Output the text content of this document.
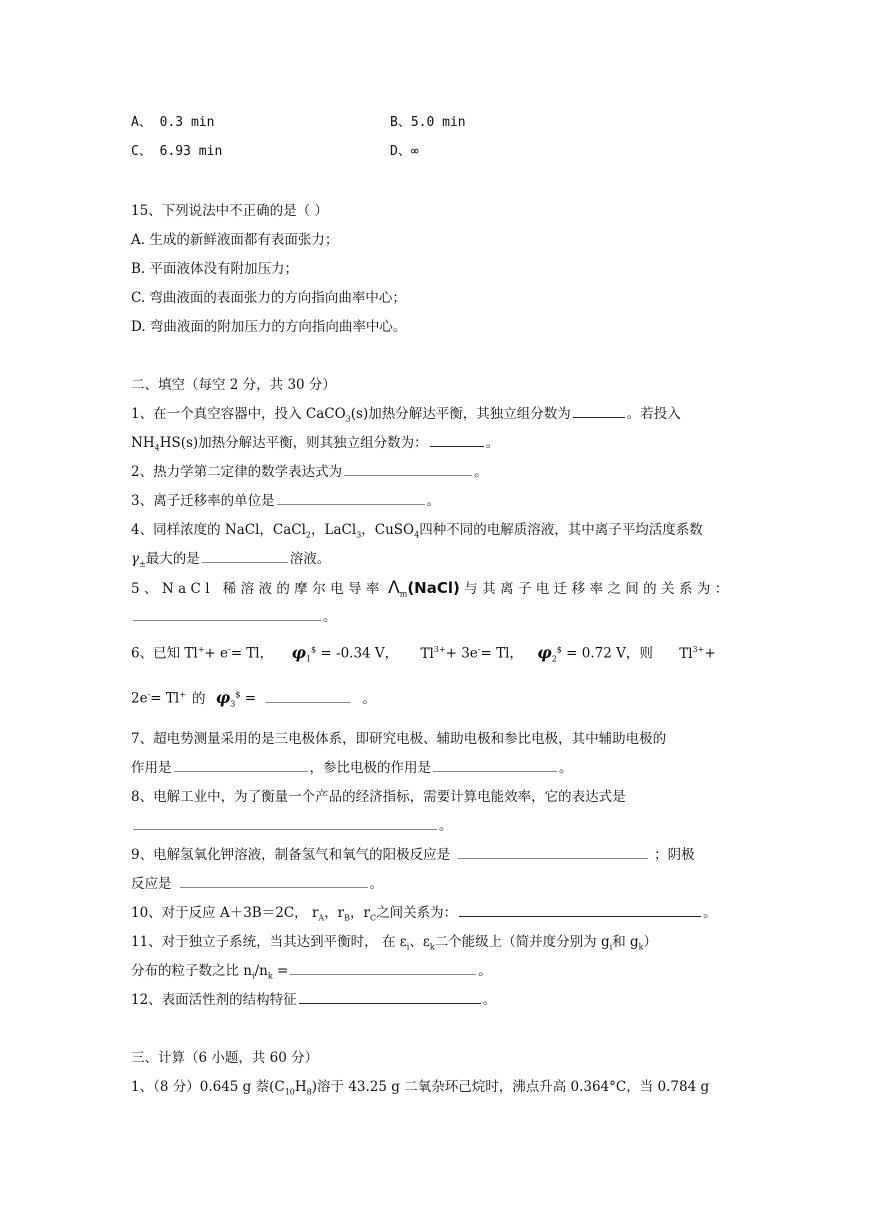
A、 0.3 min	B、5.0 min
C、 6.93 min	D、∞
15、下列说法中不正确的是（ ）
A. 生成的新鲜液面都有表面张力；
B. 平面液体没有附加压力；
C. 弯曲液面的表面张力的方向指向曲率中心；
D. 弯曲液面的附加压力的方向指向曲率中心。
二、填空（每空 2 分，共 30 分）
1、在一个真空容器中，投入 CaCO$_3$(s)加热分解达平衡，其独立组分数为	。若投入
$NH_4HS(s)$加热分解达平衡，则其独立组分数为：	。
2、热力学第二定律的数学表达式为	。
3、离子迁移率的单位是	。
4、同样浓度的 NaCl，CaCl$_2$，LaCl$_3$，CuSO$_4$四种不同的电解质溶液，其中离子平均活度系数
$\gamma_\pm$最大的是	溶液。
5、NaCl 稀溶液的摩尔电导率 $\Lambda_m(NaCl)$ 与其离子电迁移率之间的关系为：
。
6、已知 Tl++ e-= Tl， $\varphi_1^{\$} = -0.34$ V， $Tl^{3+}+ 3e^-= Tl$， $\varphi_2^{\$} = 0.72$ V，则 $Tl^{3+}+$
2e-= Tl+ 的 $\varphi_3^{\$}$ =	。
7、超电势测量采用的是三电极体系，即研究电极、辅助电极和参比电极，其中辅助电极的
作用是	，参比电极的作用是	。
8、电解工业中，为了衡量一个产品的经济指标，需要计算电能效率，它的表达式是
。
9、电解氢氧化钾溶液，制备氢气和氧气的阳极反应是	；阴极
反应是	。
10、对于反应 A＋3B＝2C， $r_A$，$r_B$，$r_C$之间关系为：	。
11、对于独立子系统，当其达到平衡时， 在 $\varepsilon_i$、$\varepsilon_k$二个能级上（简并度分别为 $g_i$和 $g_k$）
分布的粒子数之比 $n_i/n_k$ =	。
12、表面活性剂的结构特征	。
三、计算（6 小题，共 60 分）
1、（8 分）0.645 g 萘$(C_{10}H_8)$溶于 43.25 g 二氧杂环己烷时，沸点升高 0.364°C，当 0.784 g
